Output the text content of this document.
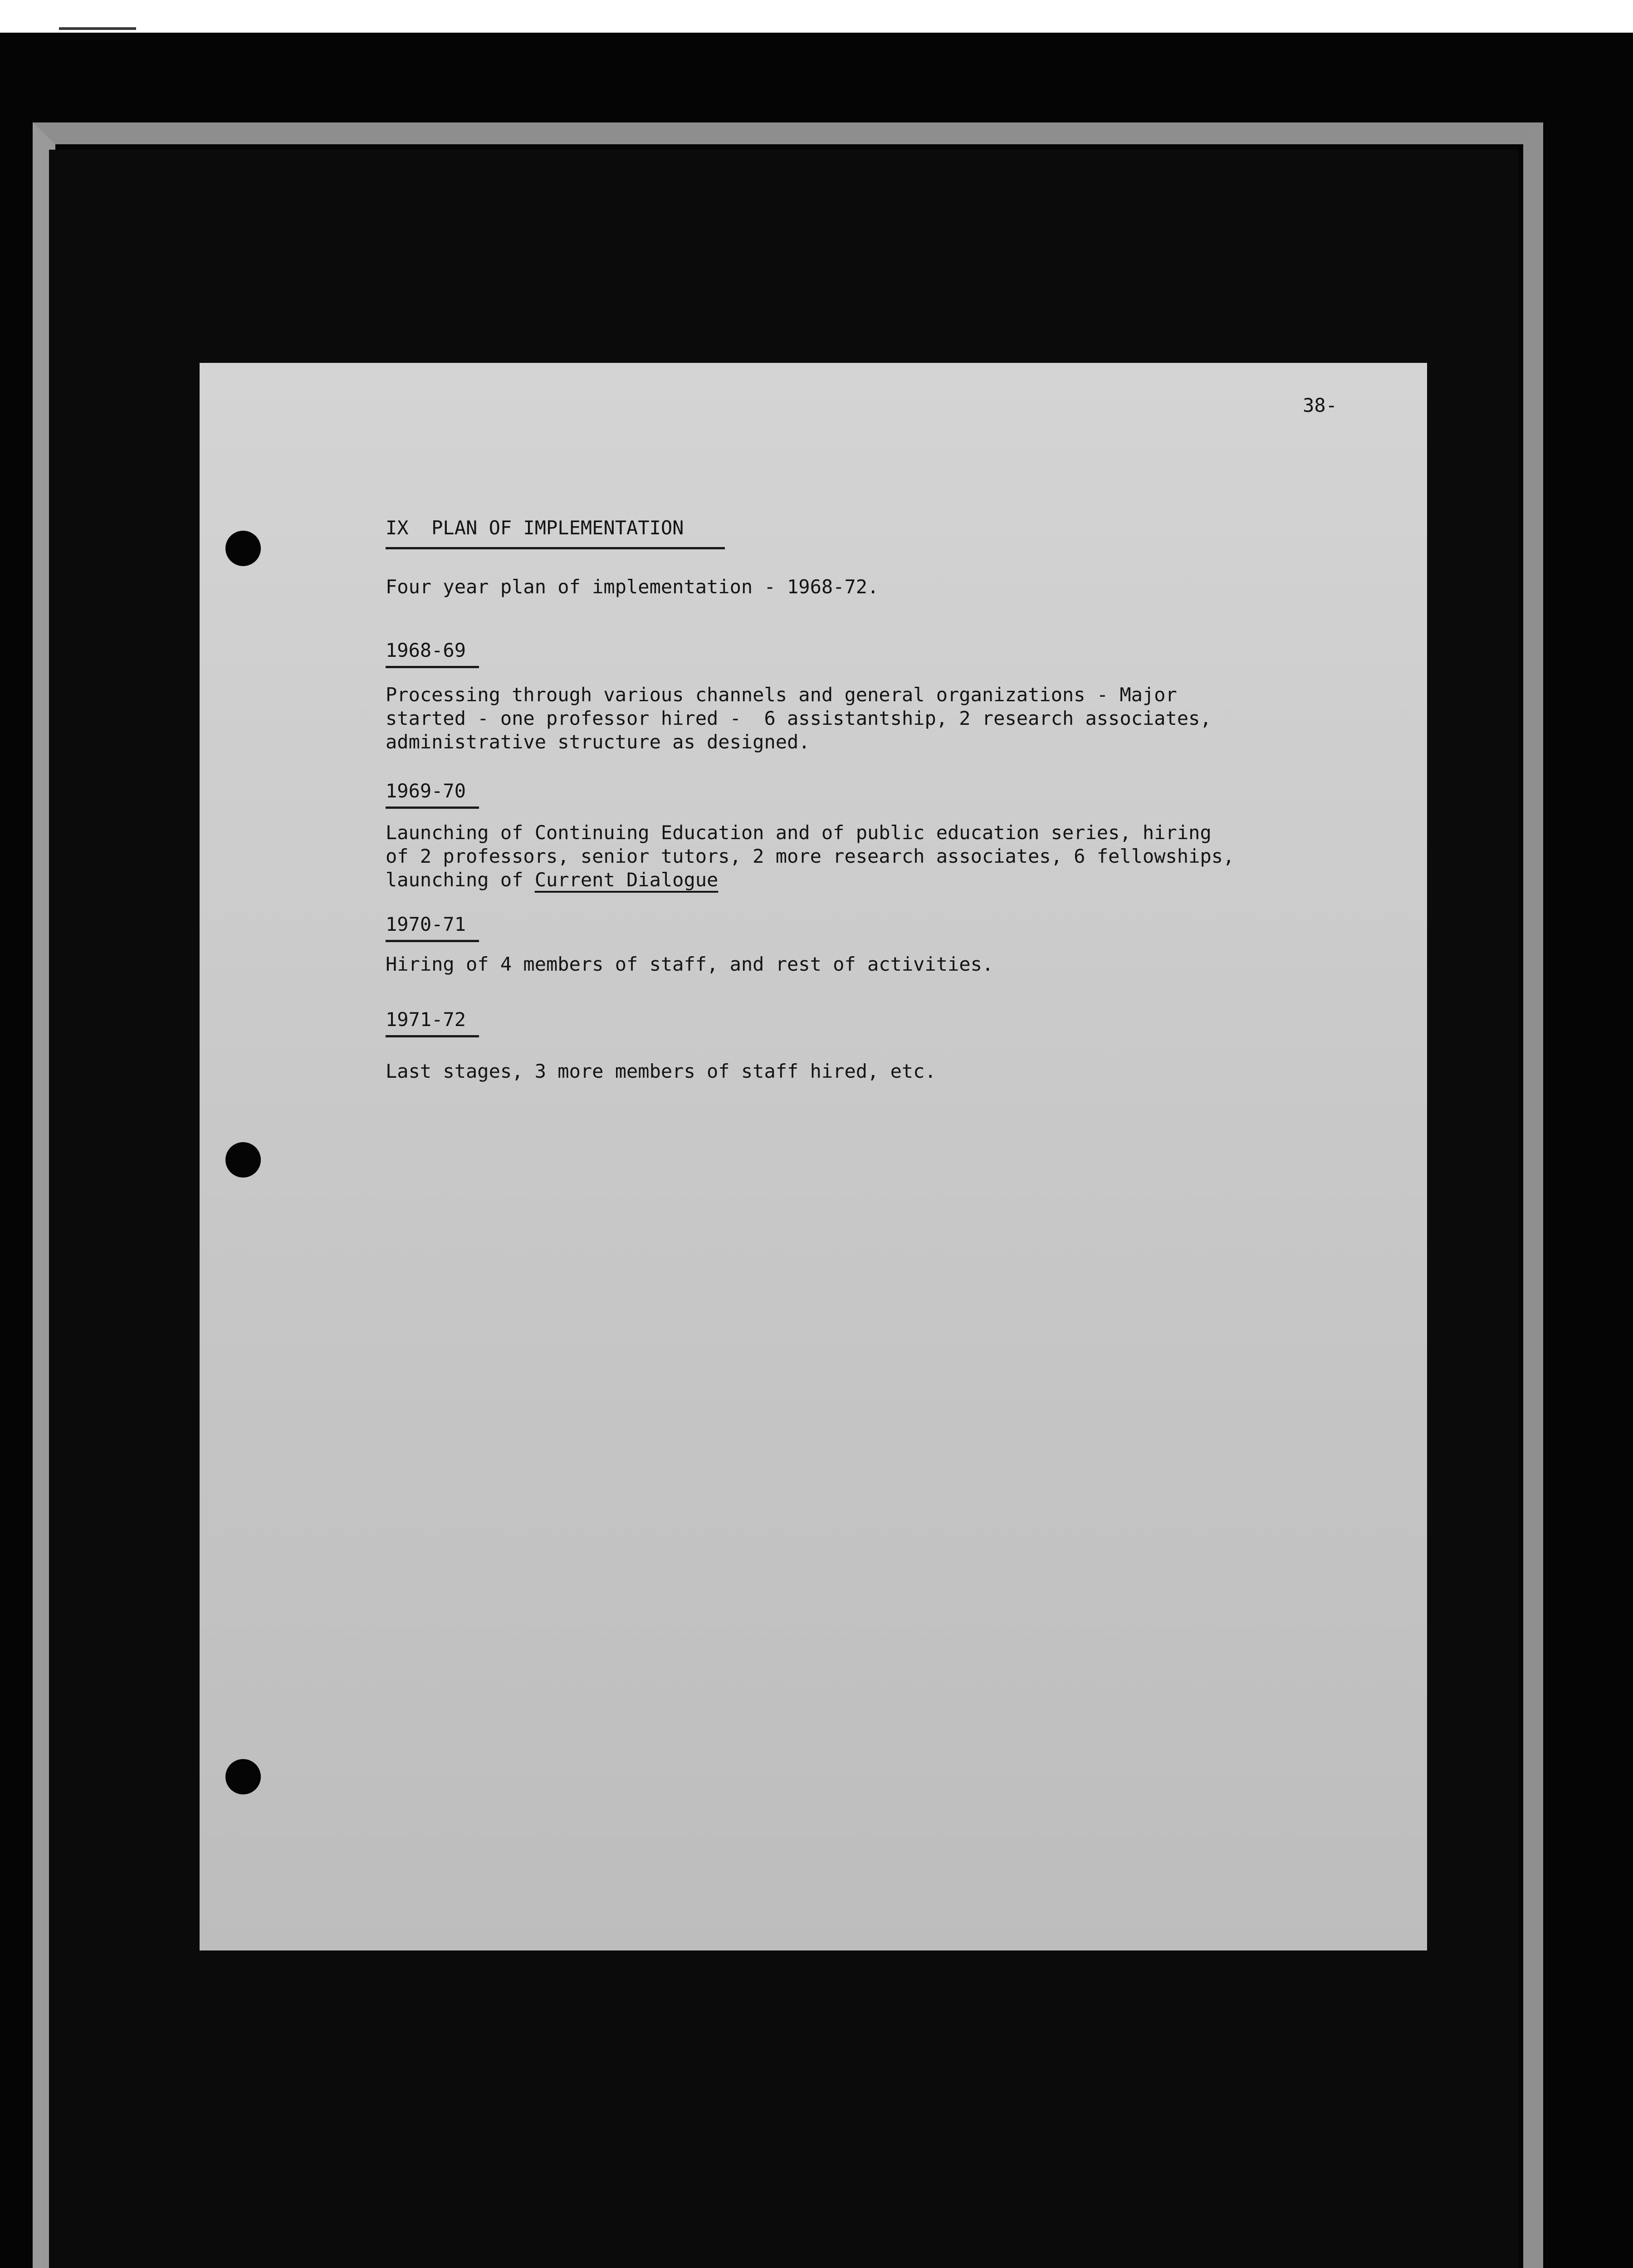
38-
IX  PLAN OF IMPLEMENTATION
Four year plan of implementation - 1968-72.
1968-69
Processing through various channels and general organizations - Major
started - one professor hired -  6 assistantship, 2 research associates,
administrative structure as designed.
1969-70
Launching of Continuing Education and of public education series, hiring
of 2 professors, senior tutors, 2 more research associates, 6 fellowships,
launching of Current Dialogue
1970-71
Hiring of 4 members of staff, and rest of activities.
1971-72
Last stages, 3 more members of staff hired, etc.
